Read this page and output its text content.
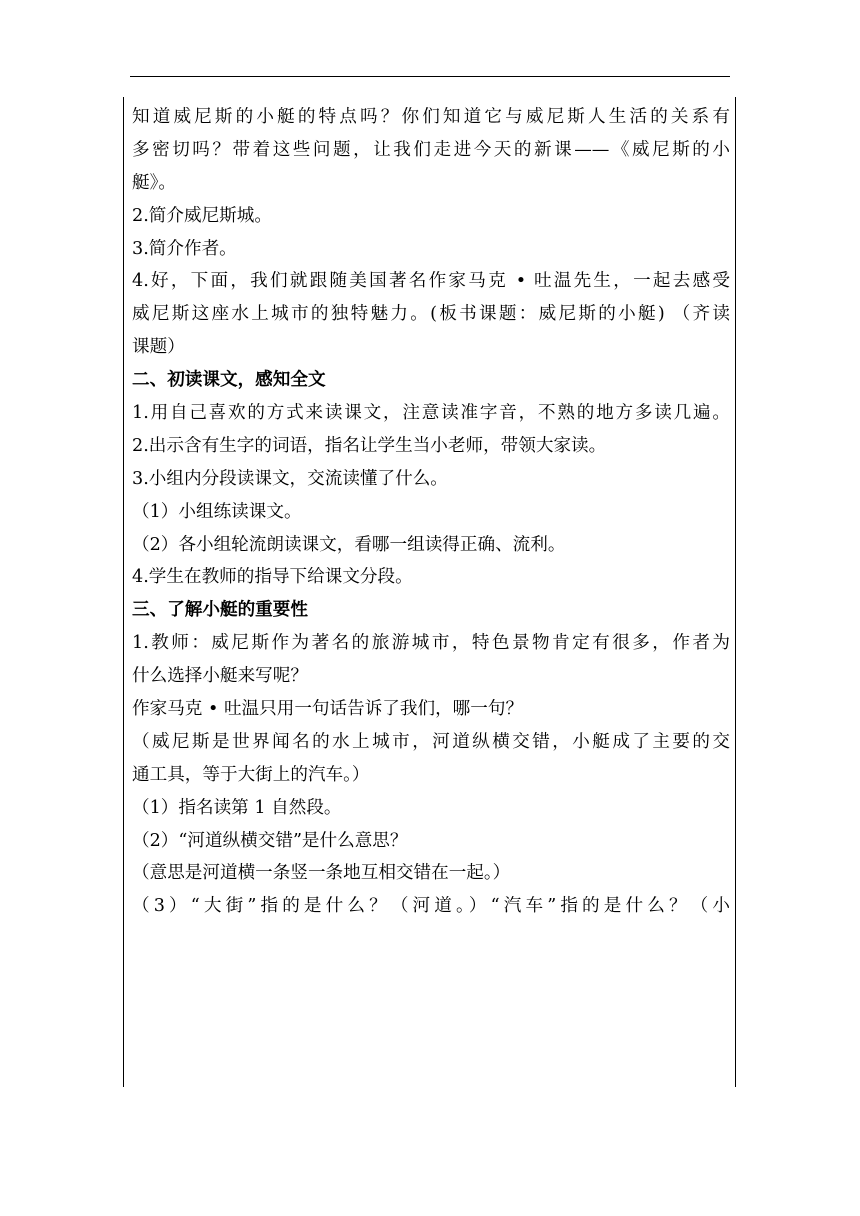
知道威尼斯的小艇的特点吗？你们知道它与威尼斯人生活的关系有
多密切吗？带着这些问题，让我们走进今天的新课——《威尼斯的小
艇》。
2.简介威尼斯城。
3.简介作者。
4.好，下面，我们就跟随美国著名作家马克 • 吐温先生，一起去感受
威尼斯这座水上城市的独特魅力。(板书课题：威尼斯的小艇) （齐读
课题）
二、初读课文，感知全文
1.用自己喜欢的方式来读课文，注意读准字音，不熟的地方多读几遍。
2.出示含有生字的词语，指名让学生当小老师，带领大家读。
3.小组内分段读课文，交流读懂了什么。
（1）小组练读课文。
（2）各小组轮流朗读课文，看哪一组读得正确、流利。
4.学生在教师的指导下给课文分段。
三、了解小艇的重要性
1.教师：威尼斯作为著名的旅游城市，特色景物肯定有很多，作者为
什么选择小艇来写呢？
作家马克 • 吐温只用一句话告诉了我们，哪一句？
（威尼斯是世界闻名的水上城市，河道纵横交错，小艇成了主要的交
通工具，等于大街上的汽车。）
（1）指名读第 1 自然段。
（2）“河道纵横交错”是什么意思？
（意思是河道横一条竖一条地互相交错在一起。）
（3）“大街”指的是什么？（河道。）“汽车”指的是什么？（小
